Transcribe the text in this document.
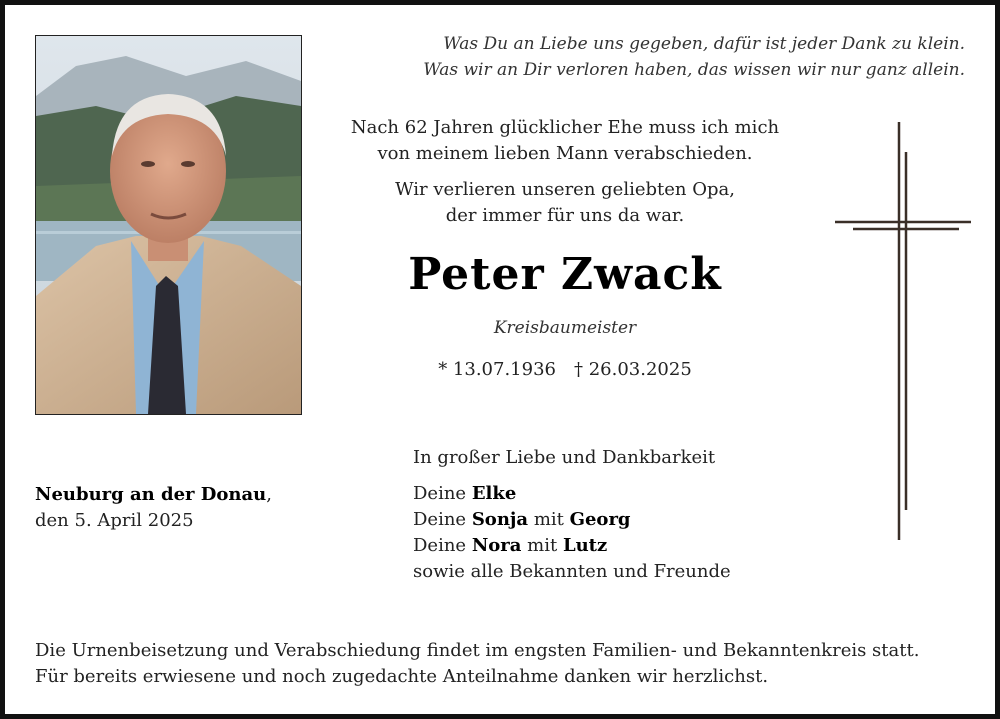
Was Du an Liebe uns gegeben, dafür ist jeder Dank zu klein.
Was wir an Dir verloren haben, das wissen wir nur ganz allein.
Nach 62 Jahren glücklicher Ehe muss ich mich
von meinem lieben Mann verabschieden.
Wir verlieren unseren geliebten Opa,
der immer für uns da war.
Peter Zwack
Kreisbaumeister
* 13.07.1936 † 26.03.2025
Neuburg an der Donau,
den 5. April 2025
In großer Liebe und Dankbarkeit
Deine Elke
Deine Sonja mit Georg
Deine Nora mit Lutz
sowie alle Bekannten und Freunde
Die Urnenbeisetzung und Verabschiedung findet im engsten Familien- und Bekanntenkreis statt.
Für bereits erwiesene und noch zugedachte Anteilnahme danken wir herzlichst.
